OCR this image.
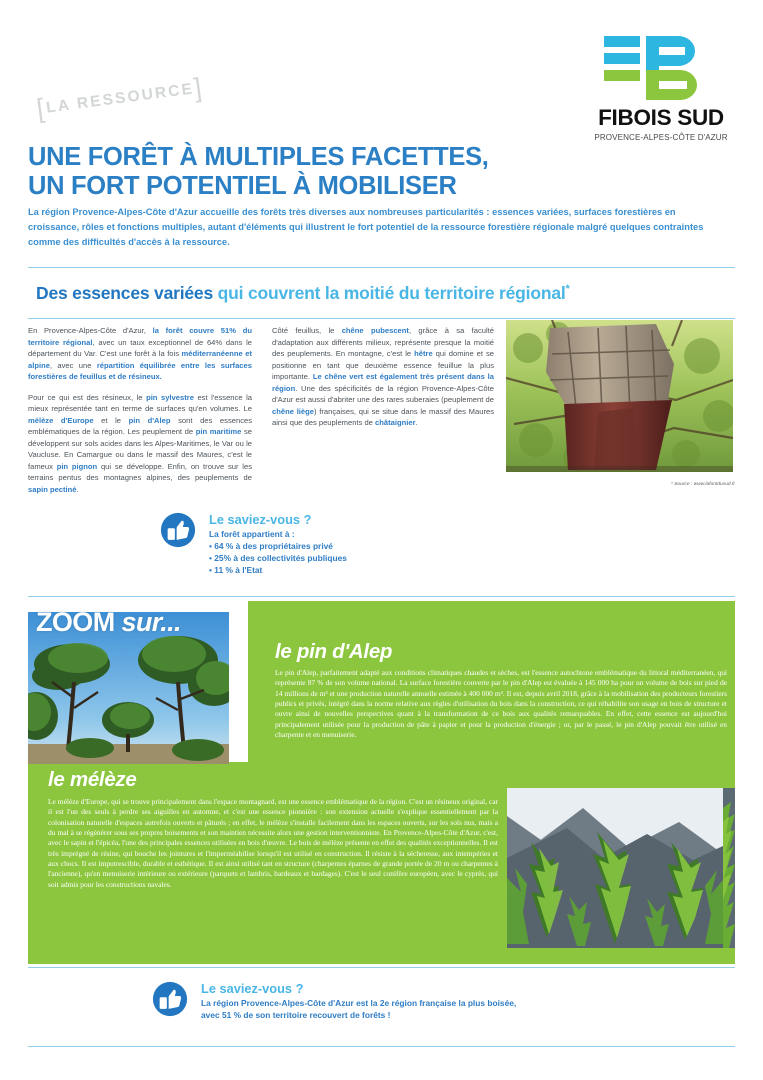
[LA RESSOURCE]
FIBOIS SUD
PROVENCE-ALPES-CÔTE D'AZUR
UNE FORÊT À MULTIPLES FACETTES,
UN FORT POTENTIEL À MOBILISER
La région Provence-Alpes-Côte d'Azur accueille des forêts très diverses aux nombreuses particularités : essences variées, surfaces forestières en croissance, rôles et fonctions multiples, autant d'éléments qui illustrent le fort potentiel de la ressource forestière régionale malgré quelques contraintes comme des difficultés d'accès à la ressource.
Des essences variées qui couvrent la moitié du territoire régional*

En Provence-Alpes-Côte d'Azur, la forêt couvre 51% du territoire régional, avec un taux exceptionnel de 64% dans le département du Var. C'est une forêt à la fois méditerranéenne et alpine, avec une répartition équilibrée entre les surfaces forestières de feuillus et de résineux.

Pour ce qui est des résineux, le pin sylvestre est l'essence la mieux représentée tant en terme de surfaces qu'en volumes. Le mélèze d'Europe et le pin d'Alep sont des essences emblématiques de la région. Les peuplement de pin maritime se développent sur sols acides dans les Alpes-Maritimes, le Var ou le Vaucluse. En Camargue ou dans le massif des Maures, c'est le fameux pin pignon qui se développe. Enfin, on trouve sur les terrains pentus des montagnes alpines, des peuplements de sapin pectiné.

Côté feuillus, le chêne pubescent, grâce à sa faculté d'adaptation aux différents milieux, représente presque la moitié des peuplements. En montagne, c'est le hêtre qui domine et se positionne en tant que deuxième essence feuillue la plus importante. Le chêne vert est également très présent dans la région. Une des spécificités de la région Provence-Alpes-Côte d'Azur est aussi d'abriter une des rares suberaies (peuplement de chêne liège) françaises, qui se situe dans le massif des Maures ainsi que des peuplements de châtaignier.

* Source : www.lafontdusud.fr
Le saviez-vous ?
La forêt appartient à :
• 64 % à des propriétaires privé
• 25% à des collectivités publiques
• 11 % à l'Etat
ZOOM sur...
le pin d'Alep
Le pin d'Alep, parfaitement adapté aux conditions climatiques chaudes et sèches, est l'essence autochtone emblématique du littoral méditerranéen, qui représente 87 % de son volume national. La surface forestière couverte par le pin d'Alep est évaluée à 145 000 ha pour un volume de bois sur pied de 14 millions de m³ et une production naturelle annuelle estimée à 400 000 m³. Il est, depuis avril 2018, grâce à la mobilisation des producteurs forestiers publics et privés, intégré dans la norme relative aux règles d'utilisation du bois dans la construction, ce qui réhabilite son usage en bois de structure et ouvre ainsi de nouvelles perspectives quant à la transformation de ce bois aux qualités remarquables. En effet, cette essence est aujourd'hui principalement utilisée pour la production de pâte à papier et pour la production d'énergie ; or, par le passé, le pin d'Alep pouvait être utilisé en charpente et en menuiserie.
le mélèze
Le mélèze d'Europe, qui se trouve principalement dans l'espace montagnard, est une essence emblématique de la région. C'est un résineux original, car il est l'un des seuls à perdre ses aiguilles en automne, et c'est une essence pionnière : son extension actuelle s'explique essentiellement par la colonisation naturelle d'espaces autrefois ouverts et pâturés ; en effet, le mélèze s'installe facilement dans les espaces ouverts, sur les sols nus, mais a du mal à se régénérer sous ses propres boisements et son maintien nécessite alors une gestion interventionniste. En Provence-Alpes-Côte d'Azur, c'est, avec le sapin et l'épicéa, l'une des principales essences utilisées en bois d'œuvre. Le bois de mélèze présente en effet des qualités exceptionnelles. Il est très imprégné de résine, qui bouche les jointures et l'imperméabilise lorsqu'il est utilisé en construction. Il résiste à la sécheresse, aux intempéries et aux chocs. Il est imputrescible, durable et esthétique. Il est ainsi utilisé tant en structure (charpentes éparnes de grande portée de 20 m ou charpentes à l'ancienne), qu'en menuiserie intérieure ou extérieure (parquets et lambris, bardeaux et bardages). C'est le seul conifère européen, avec le cyprès, qui soit admis pour les constructions navales.
Le saviez-vous ?
La région Provence-Alpes-Côte d'Azur est la 2e région française la plus boisée,
avec 51 % de son territoire recouvert de forêts !
